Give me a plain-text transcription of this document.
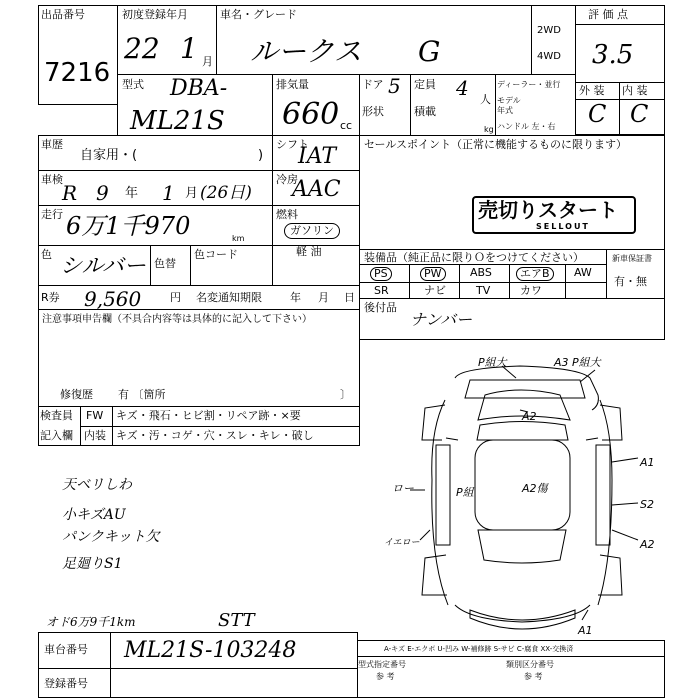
出品番号
7216
初度登録年月
22 1 月
車名・グレード
ルークス G
2WD
4WD
評 価 点
3.5
外 装 内 装
C C
型式 DBA-
ML21S
排気量
660 cc
ドア 5
形状
定員 4 人
積載
kg
ディーラー・並行
モデル
年式
ハンドル 左・右
車歴
自家用・(	)
シフト
IAT
車検
R 9 年 1 月 (26日)
冷房
AAC
走行 6万1千970	km
燃料
ガソリン
軽 油
色 シルバー 色替
色コード
R券 9,560	円 名変通知期限	年 月 日
セールスポイント（正常に機能するものに限ります）
売切りスタート
SELLOUT
装備品（純正品に限りＯをつけてください）	新車保証書
有・無
PS	PW	ABS	エアB	AW
SR	ナビ	TV	カワ
後付品
ナンバー
注意事項申告欄（不具合内容等は具体的に記入して下さい）
修復歴 有 〔箇所	〕
検査員
記入欄
FW キズ・飛石・ヒビ割・リペア跡・×要
内装 キズ・汚・コゲ・穴・スレ・キレ・破し
天ベリしわ
小キズAU
パンクキット欠
足廻りS1
オド6万9千1km	STT
車台番号 ML21S-103248
登録番号
A-キズ E-エクボ U-凹み W-補修跡 S-サビ C-腐食 XX-交換済
型式指定番号
参 考
類別区分番号
参 考
P組大	A3 P組大
A2
A1
S2
A2
A2傷
P組
A1
ロー
イエロー
